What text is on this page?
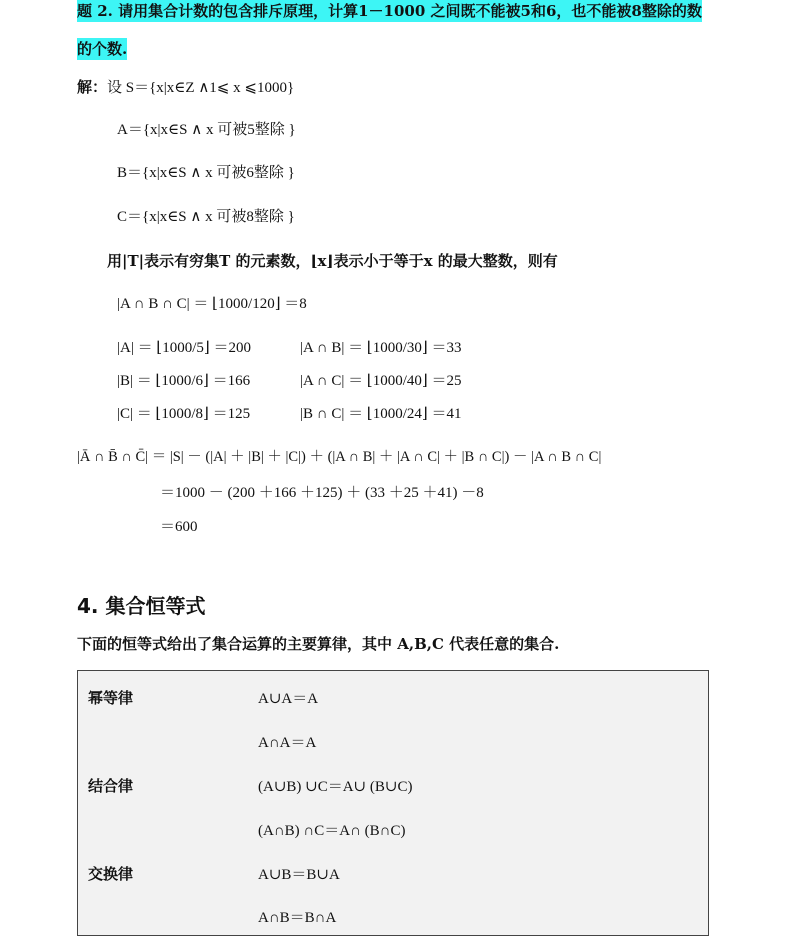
题 2. 请用集合计数的包含排斥原理，计算1－1000 之间既不能被5和6，也不能被8整除的数
的个数.
解：设 S＝{x|x∈Z ∧1⩽ x ⩽1000}
A＝{x|x∈S ∧ x 可被5整除 }
B＝{x|x∈S ∧ x 可被6整除 }
C＝{x|x∈S ∧ x 可被8整除 }
用|T|表示有穷集T 的元素数，⌊x⌋表示小于等于x 的最大整数，则有
|A ∩ B ∩ C| ＝ ⌊1000/120⌋ ＝8
|A| ＝ ⌊1000/5⌋ ＝200	|A ∩ B| ＝ ⌊1000/30⌋ ＝33
|B| ＝ ⌊1000/6⌋ ＝166	|A ∩ C| ＝ ⌊1000/40⌋ ＝25
|C| ＝ ⌊1000/8⌋ ＝125	|B ∩ C| ＝ ⌊1000/24⌋ ＝41
|Ā ∩ B̄ ∩ C̄| ＝ |S| － (|A| ＋ |B| ＋ |C|) ＋ (|A ∩ B| ＋ |A ∩ C| ＋ |B ∩ C|) － |A ∩ B ∩ C|
＝1000 － (200 ＋166 ＋125) ＋ (33 ＋25 ＋41) －8
＝600
4. 集合恒等式
下面的恒等式给出了集合运算的主要算律，其中 A,B,C 代表任意的集合.
幂等律	A∪A＝A
A∩A＝A
结合律	(A∪B) ∪C＝A∪ (B∪C)
(A∩B) ∩C＝A∩ (B∩C)
交换律	A∪B＝B∪A
A∩B＝B∩A
